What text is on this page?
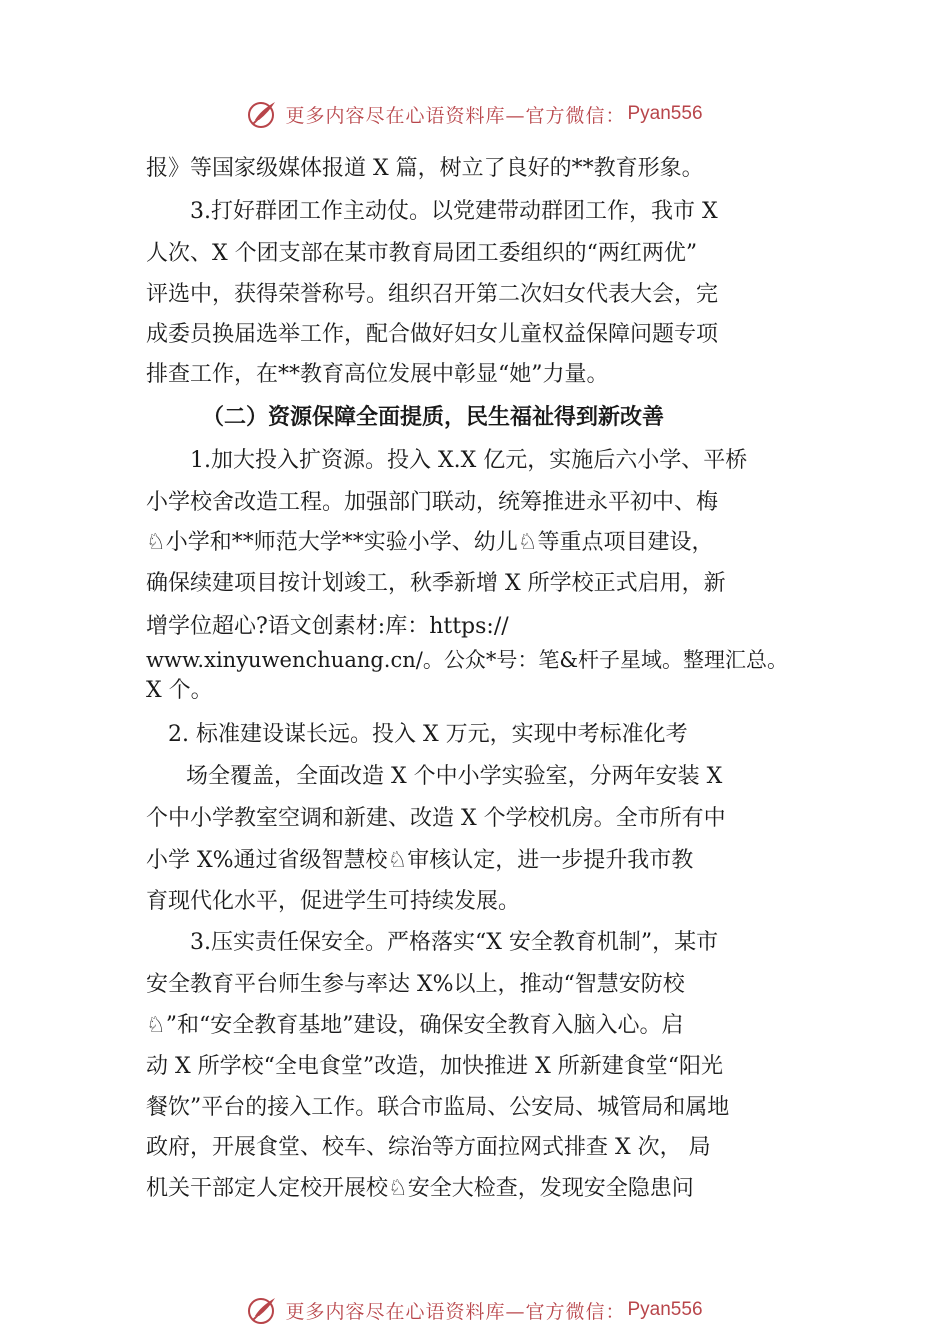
更多内容尽在心语资料库—官方微信： Pyan556
报》等国家级媒体报道 X 篇，树立了良好的**教育形象。
3.打好群团工作主动仗。以党建带动群团工作，我市 X
人次、X 个团支部在某市教育局团工委组织的“两红两优”
评选中，获得荣誉称号。组织召开第二次妇女代表大会，完
成委员换届选举工作，配合做好妇女儿童权益保障问题专项
排查工作，在**教育高位发展中彰显“她”力量。
（二）资源保障全面提质，民生福祉得到新改善
1.加大投入扩资源。投入 X.X 亿元，实施后六小学、平桥
小学校舍改造工程。加强部门联动，统筹推进永平初中、梅
♘小学和**师范大学**实验小学、幼儿♘等重点项目建设，
确保续建项目按计划竣工，秋季新增 X 所学校正式启用，新
增学位超心?语文创素材:库：https://
www.xinyuwenchuang.cn/。公众*号：笔&杆子星域。整理汇总。
X 个。
2. 标准建设谋长远。投入 X 万元，实现中考标准化考
场全覆盖，全面改造 X 个中小学实验室，分两年安装 X
个中小学教室空调和新建、改造 X 个学校机房。全市所有中
小学 X%通过省级智慧校♘审核认定，进一步提升我市教
育现代化水平，促进学生可持续发展。
3.压实责任保安全。严格落实“X 安全教育机制”，某市
安全教育平台师生参与率达 X%以上，推动“智慧安防校
♘”和“安全教育基地”建设，确保安全教育入脑入心。启
动 X 所学校“全电食堂”改造，加快推进 X 所新建食堂“阳光
餐饮”平台的接入工作。联合市监局、公安局、城管局和属地
政府，开展食堂、校车、综治等方面拉网式排查 X 次， 局
机关干部定人定校开展校♘安全大检查，发现安全隐患问
更多内容尽在心语资料库—官方微信： Pyan556
